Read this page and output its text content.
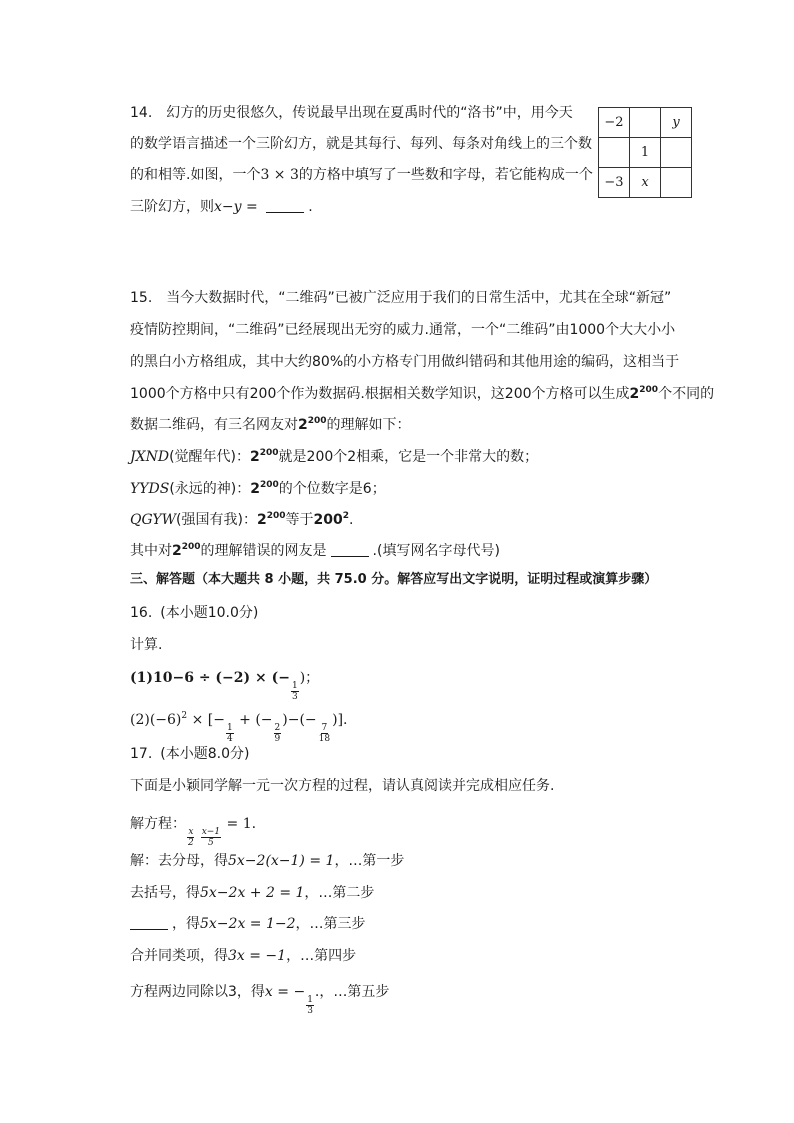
14. 幻方的历史很悠久，传说最早出现在夏禹时代的“洛书”中，用今天
的数学语言描述一个三阶幻方，就是其每行、每列、每条对角线上的三个数
的和相等.如图，一个3 × 3的方格中填写了一些数和字母，若它能构成一个
三阶幻方，则x−y =	.
−2		y
	1	
−3	x	
15. 当今大数据时代，“二维码”已被广泛应用于我们的日常生活中，尤其在全球“新冠”
疫情防控期间，“二维码”已经展现出无穷的威力.通常，一个“二维码”由1000个大大小小
的黑白小方格组成，其中大约80%的小方格专门用做纠错码和其他用途的编码，这相当于
1000个方格中只有200个作为数据码.根据相关数学知识，这200个方格可以生成$2^{200}$个不同的
数据二维码，有三名网友对$2^{200}$的理解如下：
JXND(觉醒年代)：$2^{200}$就是200个2相乘，它是一个非常大的数；
YYDS(永远的神)：$2^{200}$的个位数字是6；
QGYW(强国有我)：$2^{200}$等于$200^2$.
其中对$2^{200}$的理解错误的网友是	.(填写网名字母代号)
三、解答题（本大题共 8 小题，共 75.0 分。解答应写出文字说明，证明过程或演算步骤）
16. (本小题10.0分)
计算.
(1)10−6 ÷ (−2) × (−
$\frac{1}{3}$
)；
$(2)(-6)^2$ × [−
$\frac{1}{4}$
+ (−
$\frac{2}{9}$
)−(−
$\frac{7}{18}$
)].
17. (本小题8.0分)
下面是小颖同学解一元一次方程的过程，请认真阅读并完成相应任务.
解方程：
$\frac{x}{2} \frac{x-1}{5}$
= 1.
解：去分母，得5x−2(x−1) = 1，…第一步
去括号，得5x−2x + 2 = 1，…第二步
，得5x−2x = 1−2，…第三步
合并同类项，得3x = −1，…第四步
方程两边同除以3，得x = −
$\frac{1}{3}$
.，…第五步
